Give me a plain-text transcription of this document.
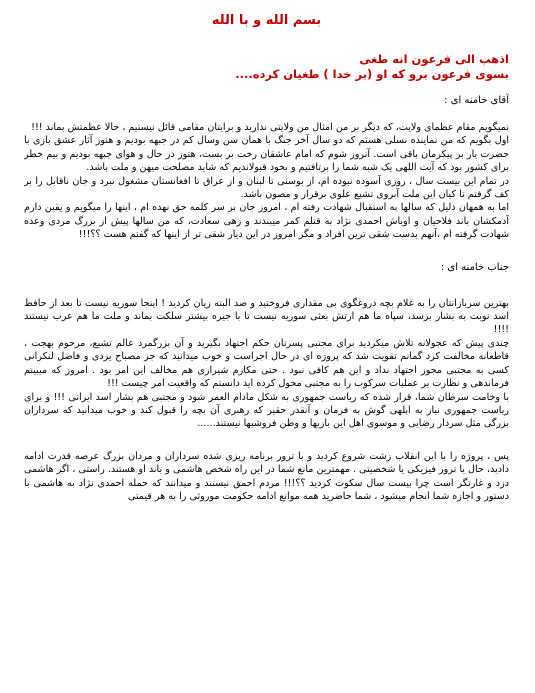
بسم الله و با الله

اذهب الی فرعون انه طغی

بسوی فرعون برو که او (بر خدا ) طغیان کرده....

آقای خامنه ای :

نمیگویم مقام عظمای ولایت، که دیگر بر من امثال من ولایتی ندارید و برایتان مقامی قائل نیستیم ، حالا عظمتش بماند !!!

اول بگویم که من نماینده نسلی هستم که دو سال آخر جنگ با همان سن وسال کم در جبهه بودیم و هنوز آثار عشق بازی با حضرت یار بر پیکرمان باقی است. آنروز شوم که امام عاشقان رخت بر بست، هنوز در حال و هوای جبهه بودیم و بیم خطر برای کشور بود که آیت اللهی یک شبه شما را برتافتیم و بخود قبولاندیم که شاید مصلحت میهن و ملت باشد.

در تمام این بیست سال ، روزی آسوده نبوده ام، از بوسنی تا لبنان و از عراق تا افغانستان مشغول نبرد و جان ناقابل را بر کف گرفتم تا کیان این ملت آبروی تشیع علوی برقرار و مصون باشد.

اما به همهان دلیل که سالها به استقبال شهادت رفته ام ، امروز جان بر سر کلمه حق نهده ام ، اینها را میگویم و یقین دارم آدمکشان باند فلاحیان و اوباش احمدی نژاد به قتلم کمر میبندند و زهی سعادت، که من سالها پیش از بزرگ مردی وعده شهادت گرفته ام ،آنهم بدست شقی ترین افراد و مگر امروز در این دیار شقی تر از اینها که گفتم هست ؟؟!!!

جناب خامنه ای :

بهترین سربازانتان را به غلام بچه دروغگوی بی مقداری فروختید و صد البته زیان کردید ! اینجا سوریه نیست تا بعد از حافظ اسد نوبت به بشار برسد، سپاه ما هم ارتش بعثی سوریه نیست تا با جیره بیشتر سلکت بماند و ملت ما هم عرب نیستند !!!!

چندی پیش که عجولانه تلاش میکردید برای مجتبی پسرتان حکم اجتهاد بگیرید و آن بزرگمرد عالم تشیع، مرحوم بهجت ، قاطعانه مخالفت کرد گمانم تقویت شد که پروژه ای در حال اجراست و خوب میدانید که جز مصباح یزدی و فاضل لنکرانی کسی به مجتبی مجوز اجتهاد نداد و این هم کافی نبود . حتی مکارم شیرازی هم مخالف این امر بود . امروز که میبینم فرماندهی و نظارت بر عملیات سرکوب را به مجتبی محول کرده اید دانستم که واقعیت امر چیست !!!

با وخامت سرطان شما، قرار شده که ریاست جمهوری به شکل مادام العمر شود و مجتبی هم بشار اسد ایرانی !!! و برای ریاست جمهوری نیاز به ابلهی گوش به فرمان و آنقدر حقیر که رهبری آن بچه را قبول کند و خوب میدانید که سرداران بزرگی مثل سردار رضایی و موسوی اهل این بازیها و وطن فروشیها نیستند......

پس ، پروژه را با این انقلاب زشت شروع کردید و با ترور برنامه ریزی شده سرداران و مردان بزرگ عرصه قدرت ادامه دادید، حال یا ترور فیزیکی یا شخصیتی . مهمترین مانع شما در این راه شخص هاشمی و باند او هستند. راستی ، اگر هاشمی دزد و غارتگر است چرا بیست سال سکوت کردید ؟؟!!! مردم احمق نیستند و میدانند که حمله احمدی نژاد به هاشمی با دستور و اجازه شما انجام میشود ، شما حاضرید همه موانع ادامه حکومت موروثی را به هر قیمتی
